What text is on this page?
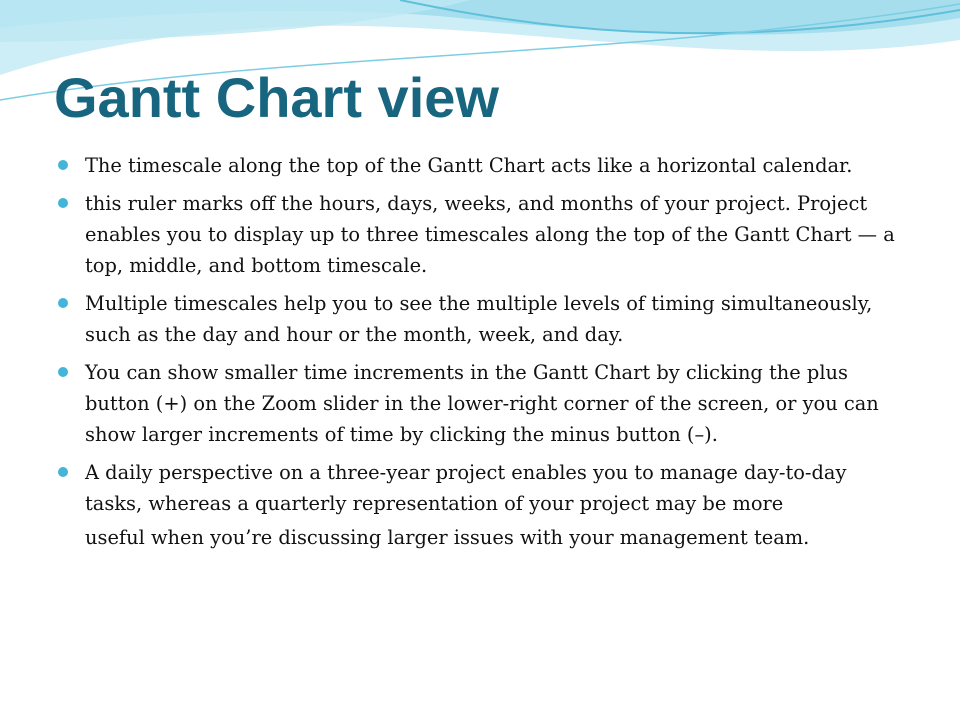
Gantt Chart view
The timescale along the top of the Gantt Chart acts like a horizontal calendar.
this ruler marks off the hours, days, weeks, and months of your project. Project enables you to display up to three timescales along the top of the Gantt Chart — a top, middle, and bottom timescale.
Multiple timescales help you to see the multiple levels of timing simultaneously, such as the day and hour or the month, week, and day.
You can show smaller time increments in the Gantt Chart by clicking the plus button (+) on the Zoom slider in the lower-right corner of the screen, or you can show larger increments of time by clicking the minus button (–).
A daily perspective on a three-year project enables you to manage day-to-day tasks, whereas a quarterly representation of your project may be more
useful when you’re discussing larger issues with your management team.
